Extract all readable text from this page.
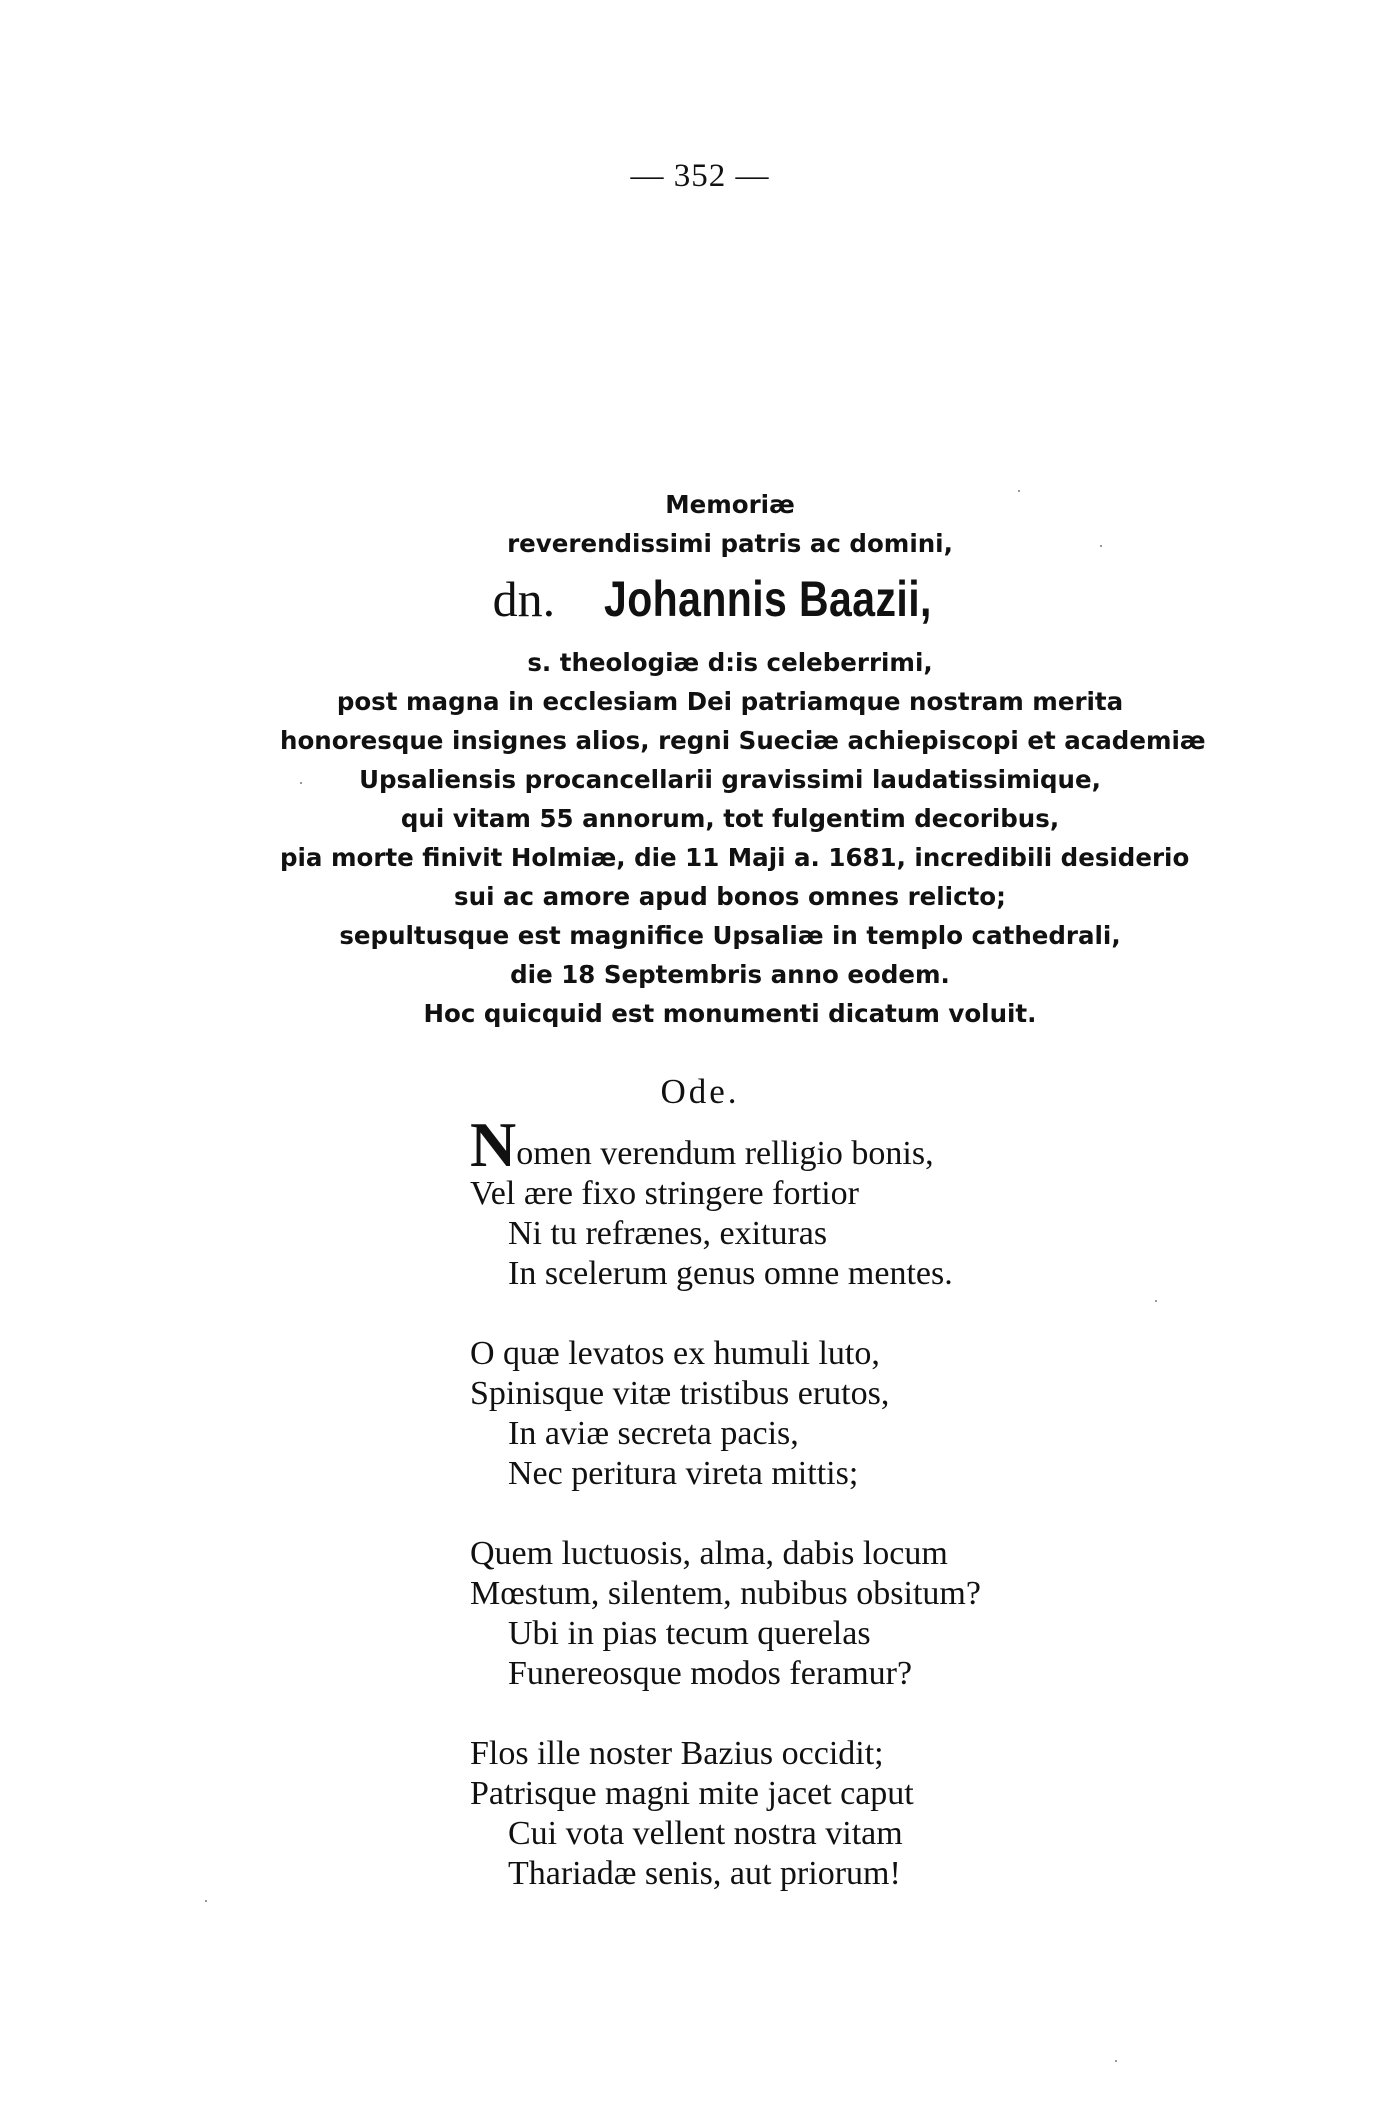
— 352 —
Memoriæ
reverendissimi patris ac domini,
dn. Johannis Baazii,
s. theologiæ d:is celeberrimi,
post magna in ecclesiam Dei patriamque nostram merita
honoresque insignes alios, regni Sueciæ achiepiscopi et academiæ
Upsaliensis procancellarii gravissimi laudatissimique,
qui vitam 55 annorum, tot fulgentim decoribus,
pia morte finivit Holmiæ, die 11 Maji a. 1681, incredibili desiderio
sui ac amore apud bonos omnes relicto;
sepultusque est magnifice Upsaliæ in templo cathedrali,
die 18 Septembris anno eodem.
Hoc quicquid est monumenti dicatum voluit.
Ode.
Nomen verendum relligio bonis,
Vel ære fixo stringere fortior
Ni tu refrænes, exituras
In scelerum genus omne mentes.
O quæ levatos ex humuli luto,
Spinisque vitæ tristibus erutos,
In aviæ secreta pacis,
Nec peritura vireta mittis;
Quem luctuosis, alma, dabis locum
Mœstum, silentem, nubibus obsitum?
Ubi in pias tecum querelas
Funereosque modos feramur?
Flos ille noster Bazius occidit;
Patrisque magni mite jacet caput
Cui vota vellent nostra vitam
Thariadæ senis, aut priorum!
